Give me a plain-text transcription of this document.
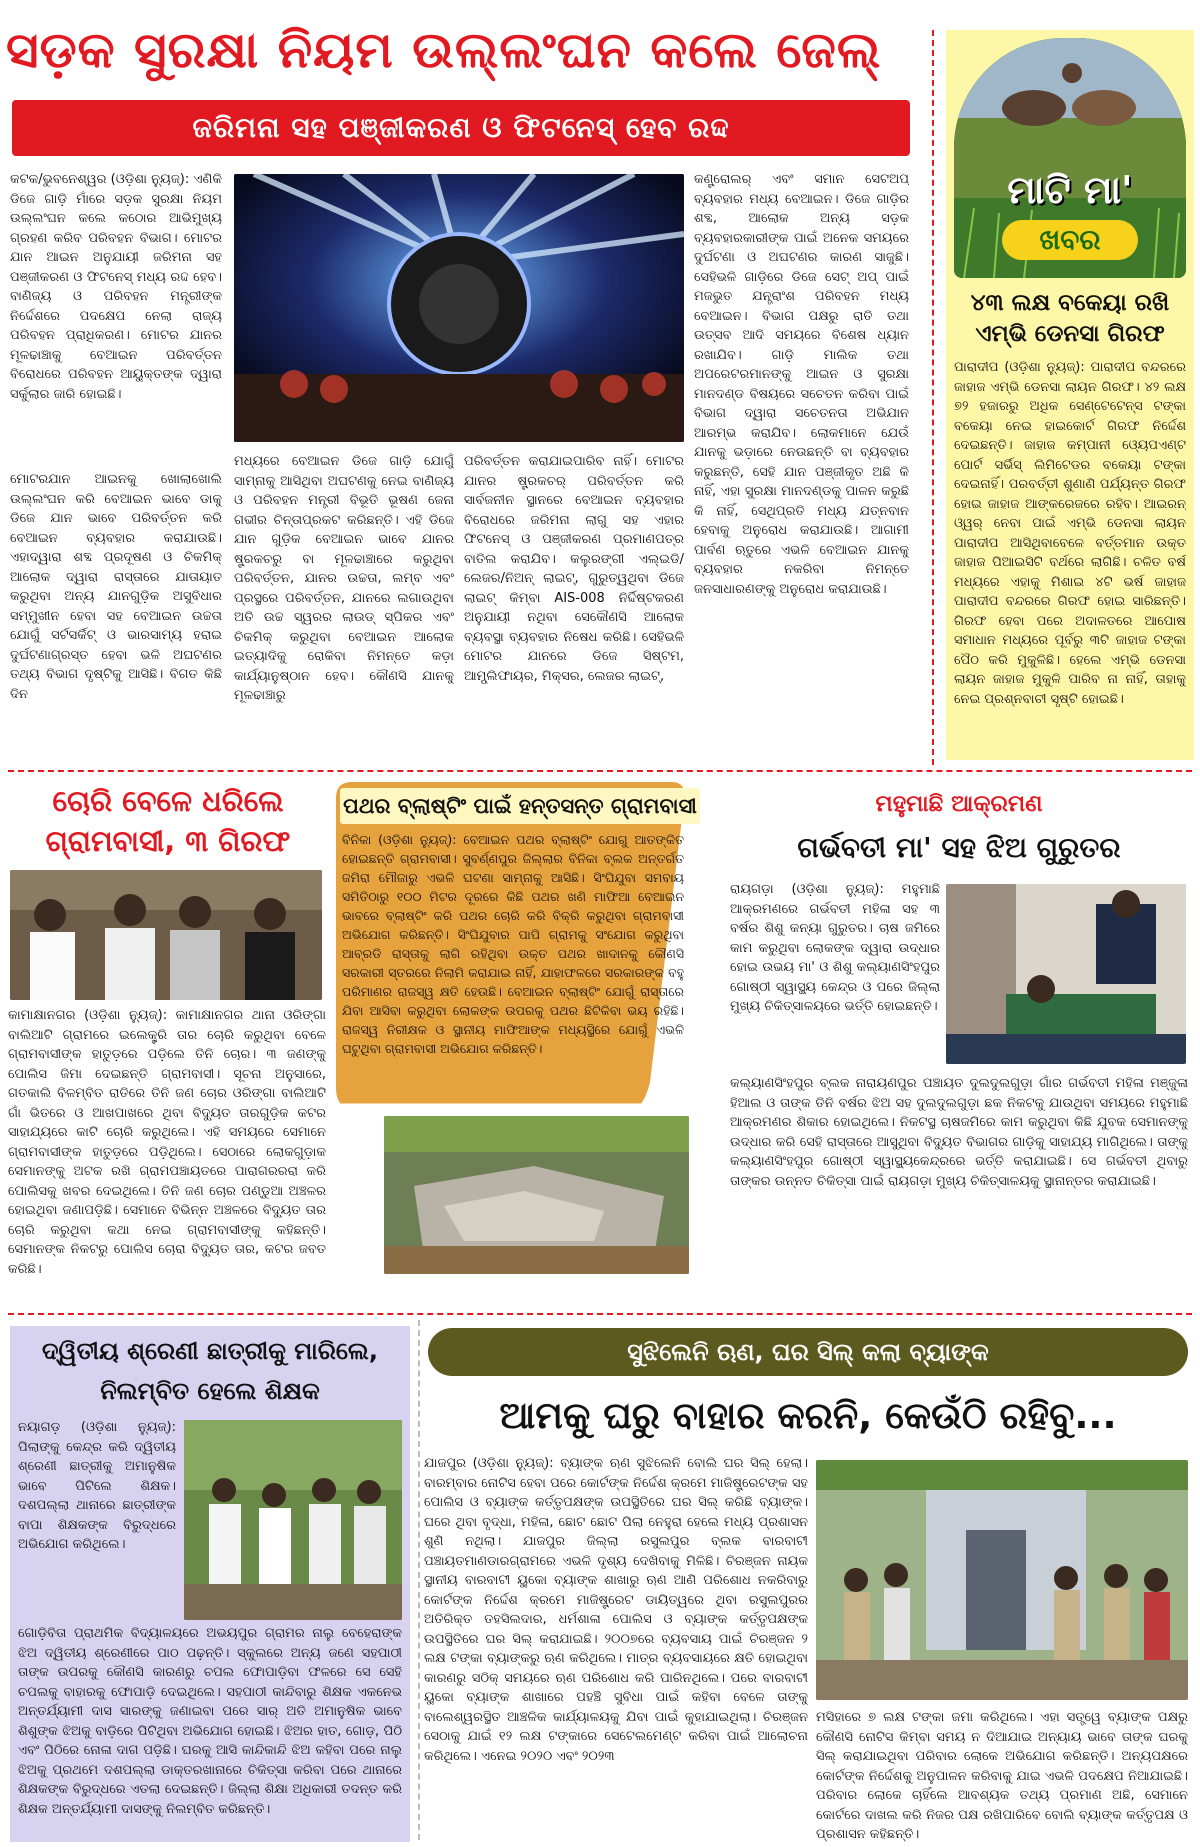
ସଡ଼କ ସୁରକ୍ଷା ନିୟମ ଉଲ୍ଲଂଘନ କଲେ ଜେଲ୍
ଜରିମନା ସହ ପଞ୍ଜୀକରଣ ଓ ଫିଟନେସ୍ ହେବ ରଦ୍ଦ

କଟକ/ଭୁବନେଶ୍ୱର (ଓଡ଼ିଶା ନ୍ୟୁଜ୍): ଏଣିକି ଡିଜେ ଗାଡ଼ି ମାଁରେ ସଡ଼କ ସୁରକ୍ଷା ନିୟମ ଉଲ୍ଲଂଘନ କଲେ କଠୋର ଆଭିମୁଖ୍ୟ ଗ୍ରହଣ କରିବ ପରିବହନ ବିଭାଗ। ମୋଟର ଯାନ ଆଇନ ଅନୁଯାୟୀ ଜରିମନା ସହ ପଞ୍ଜୀକରଣ ଓ ଫିଟନେସ୍ ମଧ୍ୟ ରଦ୍ଦ ହେବ। ବାଣିଜ୍ୟ ଓ ପରିବହନ ମନ୍ତ୍ରୀଙ୍କ ନିର୍ଦ୍ଦେଶରେ ପଦକ୍ଷେପ ନେଲା ରାଜ୍ୟ ପରିବହନ ପ୍ରାଧିକରଣ। ମୋଟର ଯାନର ମୂଳଢାଞ୍ଚାକୁ ବେଆଇନ ପରିବର୍ତ୍ତନ ବିରୋଧରେ ପରିବହନ ଆୟୁକ୍ତଙ୍କ ଦ୍ୱାରା ସର୍କୁଲାର ଜାରି ହୋଇଛି।

ମୋଟରଯାନ ଆଇନକୁ ଖୋଲାଖୋଲି ଉଲ୍ଲଂଘନ କରି ବେଆଇନ ଭାବେ ଡାକୁ ଡିଜେ ଯାନ ଭାବେ ପରିବର୍ତ୍ତନ କରି ବେଆଇନ ବ୍ୟବହାର କରାଯାଉଛି। ଏହାଦ୍ୱାରା ଶବ୍ଦ ପ୍ରଦୂଷଣ ଓ ଚିକମିକ୍ ଆଲୋକ ଦ୍ୱାରା ରାସ୍ତାରେ ଯାତାୟାତ କରୁଥିବା ଅନ୍ୟ ଯାନଗୁଡ଼ିକ ଅସୁବିଧାର ସମ୍ମୁଖୀନ ହେବା ସହ ବେଆଇନ ଉଚ୍ଚତା ଯୋଗୁଁ ସର୍ଟସର୍କିଟ୍ ଓ ଭାରସାମ୍ୟ ହରାଇ ଦୁର୍ଘଟଣାଗ୍ରସ୍ତ ହେବା ଭଳି ଅଘଟଣର ତଥ୍ୟ ବିଭାଗ ଦୃଷ୍ଟିକୁ ଆସିଛି। ବିଗତ କିଛି ଦିନ

ମଧ୍ୟରେ ବେଆଇନ ଡିଜେ ଗାଡ଼ି ଯୋଗୁଁ ସାମ୍ନାକୁ ଆସିଥିବା ଅଘଟଣକୁ ନେଇ ବାଣିଜ୍ୟ ଓ ପରିବହନ ମନ୍ତ୍ରୀ ବିଭୂତି ଭୂଷଣ ଜେନା ଗଭୀର ଚିନ୍ତାପ୍ରକଟ କରିଛନ୍ତି। ଏହି ଡିଜେ ଯାନ ଗୁଡ଼ିକ ବେଆଇନ ଭାବେ ଯାନର ଷ୍ଟ୍ରକଚରୁ ବା ମୂଳଢାଞ୍ଚାରେ କରୁଥିବା ପରିବର୍ତ୍ତନ, ଯାନର ଉଚ୍ଚତା, ଲମ୍ବ ଏବଂ ପ୍ରସ୍ଥରେ ପରିବର୍ତ୍ତନ, ଯାନରେ ଲଗାଉଥିବା ଅତି ଉଚ୍ଚ ସ୍ୱରର ଲାଉଡ୍ ସ୍ପିକର ଏବଂ ଚିକମିକ୍ କରୁଥିବା ବେଆଇନ ଆଲୋକ ଇତ୍ୟାଦିକୁ ରୋକିବା ନିମନ୍ତେ କଡ଼ା କାର୍ଯ୍ୟାନୁଷ୍ଠାନ ହେବ। କୌଣସି ଯାନକୁ ମୂଳଢାଞ୍ଚାରୁ

ପରିବର୍ତ୍ତନ କରାଯାଇପାରିବ ନାହିଁ। ମୋଟର ଯାନର ଷ୍ଟ୍ରକଚର୍ ପରିବର୍ତ୍ତନ କରି ସାର୍ବଜନୀନ ସ୍ଥାନରେ ବେଆଇନ ବ୍ୟବହାର ବିରୋଧରେ ଜରିମନା ଲାଗୁ ସହ ଏହାର ଫିଟନେସ୍ ଓ ପଞ୍ଜୀକରଣ ପ୍ରମାଣପତ୍ର ବାତିଲ କରାଯିବ। କଲୁରଙ୍ଗୀ ଏଲ୍ଇଡି/ଲେଜର/ନିଅନ୍ ଲାଇଟ୍, ଗୁରୁତ୍ୱଥିବା ଡିଜେ ଲାଇଟ୍ କିମ୍ବା AIS-008 ନିର୍ଦ୍ଦିଷ୍ଟକରଣ ଅନୁଯାୟୀ ନଥିବା ସେକୌଣସି ଆଲୋକ ବ୍ୟବସ୍ଥା ବ୍ୟବହାର ନିଷେଧ କରିଛି। ସେହିଭଳି ମୋଟର ଯାନରେ ଡିଜେ ସିଷ୍ଟମ, ଆମ୍ପ୍ଲିଫାୟର, ମିକ୍ସର, ଲେଜର ଲାଇଟ୍,

କଣ୍ଟ୍ରୋଲର୍ ଏବଂ ସମାନ ସେଟଅପ୍ ବ୍ୟବହାର ମଧ୍ୟ ବେଆଇନ। ଡିଜେ ଗାଡ଼ିର ଶବ୍ଦ, ଆଲୋକ ଅନ୍ୟ ସଡ଼କ ବ୍ୟବହାରକାରୀଙ୍କ ପାଇଁ ଅନେକ ସମୟରେ ଦୁର୍ଘଟଣା ଓ ଅଘଟଣର କାରଣ ସାଜୁଛି। ସେହିଭଳି ଗାଡ଼ିରେ ଡିଜେ ସେଟ୍ ଅପ୍ ପାଇଁ ମଜଭୁତ ଯନ୍ତ୍ରାଂଶ ପରିବହନ ମଧ୍ୟ ବେଆଇନ। ବିଭାଗ ପକ୍ଷରୁ ରାତି ତଥା ଉତ୍ସବ ଆଦି ସମୟରେ ବିଶେଷ ଧ୍ୟାନ ରଖାଯିବ। ଗାଡ଼ି ମାଲିକ ତଥା ଅପରେଟରମାନଙ୍କୁ ଆଇନ ଓ ସୁରକ୍ଷା ମାନଦଣ୍ଡ ବିଷୟରେ ସଚେତନ କରିବା ପାଇଁ ବିଭାଗ ଦ୍ୱାରା ସଚେତନତା ଅଭିଯାନ ଆରମ୍ଭ କରାଯିବ। ଲୋକମାନେ ଯେଉଁ ଯାନକୁ ଭଡ଼ାରେ ନେଉଛନ୍ତି ବା ବ୍ୟବହାର କରୁଛନ୍ତି, ସେହି ଯାନ ପଞ୍ଜୀକୃତ ଅଛି କି ନାହିଁ, ଏହା ସୁରକ୍ଷା ମାନଦଣ୍ଡକୁ ପାଳନ କରୁଛି କି ନାହିଁ, ସେଥିପ୍ରତି ମଧ୍ୟ ଯତ୍ନବାନ ହେବାକୁ ଅନୁରୋଧ କରାଯାଉଛି। ଆଗାମୀ ପାର୍ବଣ ଋତୁରେ ଏଭଳି ବେଆଇନ ଯାନକୁ ବ୍ୟବହାର ନକରିବା ନିମନ୍ତେ ଜନସାଧାରଣଙ୍କୁ ଅନୁରୋଧ କରାଯାଉଛି।

ମାଟି ମା'
ଖବର
୪୩ ଲକ୍ଷ ବକେୟା ରଖି ଏମ୍ଭି ଡେନସା ଗିରଫ
ପାରାଦୀପ (ଓଡ଼ିଶା ନ୍ୟୁଜ୍): ପାରାଦୀପ ବନ୍ଦରରେ ଜାହାଜ ଏମ୍ଭି ଡେନସା ଲାୟନ ଗିରଫ। ୪୨ ଲକ୍ଷ ୭୨ ହଜାରରୁ ଅଧିକ ସେଣ୍ଟେଟେନ୍ସ ଟଙ୍କା ବକେୟା ନେଇ ହାଇକୋର୍ଟ ଗିରଫ ନିର୍ଦ୍ଦେଶ ଦେଇଛନ୍ତି। ଜାହାଜ କମ୍ପାନୀ ଓ୍ୟେପଏଣ୍ଟ ପୋର୍ଟ ସର୍ଭିସ୍ ଲିମିଟେଡର ବକେୟା ଟଙ୍କା ଦେଇନାହିଁ। ପରବର୍ତ୍ତୀ ଶୁଣାଣି ପର୍ଯ୍ୟନ୍ତ ଗିରଫ ହୋଇ ଜାହାଜ ଆଙ୍କରେଜରେ ରହିବ। ଆଇରନ୍ ଓ୍ୱର୍ ନେବା ପାଇଁ ଏମ୍ଭି ଡେନସା ଲାୟନ ପାରାଦୀପ ଆସିଥିବାବେଳେ ବର୍ତ୍ତମାନ ଉକ୍ତ ଜାହାଜ ପିଆଇସିଟି ବର୍ଥରେ ଲାଗିଛି। ଚଳିତ ବର୍ଷ ମଧ୍ୟରେ ଏହାକୁ ମିଶାଇ ୪ଟି ଭର୍ଷ ଜାହାଜ ପାରାଦୀପ ବନ୍ଦରରେ ଗିରଫ ହୋଇ ସାରିଛନ୍ତି। ଗିରଫ ହେବା ପରେ ଅଦାଳତରେ ଆପୋଷ ସମାଧାନ ମଧ୍ୟରେ ପୂର୍ବରୁ ୩ଟି ଜାହାଜ ଟଙ୍କା ପୈଠ କରି ମୁକୁଳିଛି। ହେଲେ ଏମ୍ଭି ଡେନସା ଲାୟନ ଜାହାଜ ମୁକୁଳି ପାରିବ ନା ନାହିଁ, ତାହାକୁ ନେଇ ପ୍ରଶ୍ନବାଚୀ ସୃଷ୍ଟି ହୋଇଛି।
ଚୋରି ବେଳେ ଧରିଲେ
ଗ୍ରାମବାସୀ, ୩ ଗିରଫ
କାମାକ୍ଷାନଗର (ଓଡ଼ିଶା ନ୍ୟୁଜ୍): କାମାକ୍ଷାନଗର ଥାନା ଓରିଙ୍ଗା ବାଲିଆଟି ଗ୍ରାମରେ ଇଲେକ୍ଟ୍ରି ତାର ଚୋରି କରୁଥିବା ବେଳେ ଗ୍ରାମବାସୀଙ୍କ ହାତୁଡ଼ରେ ପଡ଼ିଲେ ତିନି ଚୋର। ୩ ଜଣଙ୍କୁ ପୋଲିସ ଜିମା ଦେଇଛନ୍ତି ଗ୍ରାମବାସୀ। ସୂଚନା ଅନୁସାରେ, ଗତକାଲି ବିଳମ୍ବିତ ରାତିରେ ତିନି ଜଣ ଚୋର ଓରିଙ୍ଗା ବାଲିଆଟି ଗାଁ ଭିତରେ ଓ ଆଖପାଖରେ ଥିବା ବିଦ୍ୟୁତ ତାରଗୁଡ଼ିକ କଟର ସାହାଯ୍ୟରେ କାଟି ଚୋରି କରୁଥିଲେ। ଏହି ସମୟରେ ସେମାନେ ଗ୍ରାମବାସୀଙ୍କ ହାତୁଡ଼ରେ ପଡ଼ିଥିଲେ। ସେଠାରେ ଲୋକଗୁଡ଼ାକ ସେମାନଙ୍କୁ ଅଟକ ରଖି ଗ୍ରାମପଞ୍ଚାୟତରେ ପାରାଗରରରା କରି ପୋଲିସକୁ ଖବର ଦେଇଥିଲେ। ତିନି ଜଣ ଚୋର ପଣ୍ଡୁଆ ଅଞ୍ଚଳର ହୋଇଥିବା ଜଣାପଡ଼ିଛି। ସେମାନେ ବିଭିନ୍ନ ଅଞ୍ଚଳରେ ବିଦ୍ୟୁତ ତାର ଚୋରି କରୁଥିବା କଥା ନେଇ ଗ୍ରାମବାସୀଙ୍କୁ କହିଛନ୍ତି। ସେମାନଙ୍କ ନିକଟରୁ ପୋଲିସ ଚୋରା ବିଦ୍ୟୁତ ତାର, କଟର ଜବତ କରିଛି।
ପଥର ବ୍ଲାଷ୍ଟିଂ ପାଇଁ ହନ୍ତସନ୍ତ ଗ୍ରାମବାସୀ
ବିନିକା (ଓଡ଼ିଶା ନ୍ୟୁଜ୍): ବେଆଇନ ପଥର ବ୍ଲାଷ୍ଟିଂ ଯୋଗୁ ଆତଙ୍କିତ ହୋଇଛନ୍ତି ଗ୍ରାମବାସୀ। ସୁବର୍ଣ୍ଣପୁର ଜିଲ୍ଲାର ବିନିକା ବ୍ଲକ ଅନ୍ତର୍ଗତ ଜମିରା ମୌଜାରୁ ଏଭଳି ଘଟଣା ସାମ୍ନାକୁ ଆସିଛି। ସିଂଘିଯୁବା ସମବାୟ ସମିତିଠାରୁ ୧୦୦ ମିଟର ଦୂରରେ କିଛି ପଥର ଖଣି ମାଫିଆ ବେଆଇନ ଭାବରେ ବ୍ଲାଷ୍ଟିଂ କରି ପଥର ଚୋରି କରି ବିକ୍ରି କରୁଥିବା ଗ୍ରାମବାସୀ ଅଭିଯୋଗ କରିଛନ୍ତି। ସିଂଘିଯୁବାର ପାପି ଗ୍ରାମକୁ ସଂଯୋଗ କରୁଥିବା ଆବ୍ରଡି ରାସ୍ତାକୁ ଲାଗି ରହିଥିବା ଉକ୍ତ ପଥର ଖାଦାନକୁ କୌଣସି ସରକାରୀ ସ୍ତରରେ ନିଲାମି କରାଯାଇ ନାହିଁ, ଯାହାଫଳରେ ସରକାରଙ୍କ ବହୁ ପରିମାଣର ରାଜସ୍ୱ କ୍ଷତି ହେଉଛି। ବେଆଇନ ବ୍ଲାଷ୍ଟିଂ ଯୋଗୁଁ ରାସ୍ତାରେ ଯିବା ଆସିବା କରୁଥିବା ଲୋକଙ୍କ ଉପରକୁ ପଥର ଛିଟିକିବା ଭୟ ରହିଛି। ରାଜସ୍ୱ ନିରୀକ୍ଷକ ଓ ସ୍ଥାନୀୟ ମାଫିଆଙ୍କ ମଧ୍ୟସ୍ଥିରେ ଯୋଗୁଁ ଏଭଳି ଘଟୁଥିବା ଗ୍ରାମବାସୀ ଅଭିଯୋଗ କରିଛନ୍ତି।
ମହୁମାଛି ଆକ୍ରମଣ
ଗର୍ଭବତୀ ମା' ସହ ଝିଅ ଗୁରୁତର
ରାୟଗଡ଼ା (ଓଡ଼ିଶା ନ୍ୟୁଜ୍): ମହୁମାଛି ଆକ୍ରମଣରେ ଗର୍ଭବତୀ ମହିଳା ସହ ୩ ବର୍ଷର ଶିଶୁ କନ୍ୟା ଗୁରୁତର। ଚାଷ ଜମିରେ କାମ କରୁଥିବା ଲୋକଙ୍କ ଦ୍ୱାରା ଉଦ୍ଧାର ହୋଇ ଉଭୟ ମା' ଓ ଶିଶୁ କଲ୍ୟାଣସିଂହପୁର ଗୋଷ୍ଠୀ ସ୍ୱାସ୍ଥ୍ୟ କେନ୍ଦ୍ର ଓ ପରେ ଜିଲ୍ଲା ମୁଖ୍ୟ ଚିକିତ୍ସାଳୟରେ ଭର୍ତ୍ତି ହୋଇଛନ୍ତି।
କଲ୍ୟାଣସିଂହପୁର ବ୍ଲକ ନାରାୟଣପୁର ପଞ୍ଚାୟତ ଦୁଲଦୁଲଗୁଡ଼ା ଗାଁର ଗର୍ଭବତୀ ମହିଳା ମଞ୍ଜୁଳା ହିଆଲ ଓ ତାଙ୍କ ତିନି ବର୍ଷର ଝିଅ ସହ ଦୁଲଦୁଲଗୁଡ଼ା ଛକ ନିକଟକୁ ଯାଉଥିବା ସମୟରେ ମହୁମାଛି ଆକ୍ରମଣର ଶିକାର ହୋଇଥିଲେ। ନିକଟସ୍ଥ ଚାଷଜମିରେ କାମ କରୁଥିବା କିଛି ଯୁବକ ସେମାନଙ୍କୁ ଉଦ୍ଧାର କରି ସେହି ରାସ୍ତାରେ ଆସୁଥିବା ବିଦ୍ୟୁତ ବିଭାଗର ଗାଡ଼ିକୁ ସାହାଯ୍ୟ ମାଗିଥିଲେ। ତାଙ୍କୁ କଲ୍ୟାଣସିଂହପୁର ଗୋଷ୍ଠୀ ସ୍ୱାସ୍ଥ୍ୟକେନ୍ଦ୍ରରେ ଭର୍ତ୍ତି କରାଯାଇଛି। ସେ ଗର୍ଭବତୀ ଥିବାରୁ ତାଙ୍କର ଉନ୍ନତ ଚିକିତ୍ସା ପାଇଁ ରାୟଗଡ଼ା ମୁଖ୍ୟ ଚିକିତ୍ସାଳୟକୁ ସ୍ଥାନାନ୍ତର କରାଯାଇଛି।
ଦ୍ୱିତୀୟ ଶ୍ରେଣୀ ଛାତ୍ରୀକୁ ମାରିଲେ,
ନିଲମ୍ବିତ ହେଲେ ଶିକ୍ଷକ
ନୟାଗଡ଼ (ଓଡ଼ିଶା ନ୍ୟୁଜ୍): ପିଲାଙ୍କୁ କେନ୍ଦ୍ର କରି ଦ୍ୱିତୀୟ ଶ୍ରେଣୀ ଛାତ୍ରୀକୁ ଅମାନୁଷିକ ଭାବେ ପିଟିଲେ ଶିକ୍ଷକ। ଦଶପଲ୍ଲା ଥାନାରେ ଛାତ୍ରୀଙ୍କ ବାପା ଶିକ୍ଷକଙ୍କ ବିରୁଦ୍ଧରେ ଅଭିଯୋଗ କରିଥିଲେ।
ଗୋଡ଼ିବିତା ପ୍ରାଥମିକ ବିଦ୍ୟାଳୟରେ ଅଭୟପୁର ଗ୍ରାମର ନାଲୁ ବେହେରାଙ୍କ ଝିଅ ଦ୍ୱିତୀୟ ଶ୍ରେଣୀରେ ପାଠ ପଢ଼ନ୍ତି। ସ୍କୁଲରେ ଅନ୍ୟ ଜଣେ ସହପାଠୀ ତାଙ୍କ ଉପରକୁ କୌଣସି କାରଣରୁ ଚପଲ ଫୋପାଡ଼ିବା ଫଳରେ ସେ ସେହି ଚପଲକୁ ବାହାରକୁ ଫୋପାଡ଼ି ଦେଇଥିଲେ। ସହପାଠୀ କାନ୍ଦିବାରୁ ଶିକ୍ଷକ ଏକନେଭ ଅନ୍ତର୍ଯ୍ୟାମୀ ଦାସ ସାରଙ୍କୁ ଜଣାଇବା ପରେ ସାର୍ ଅତି ଅମାନୁଷିକ ଭାବେ ଶିଶୁଙ୍କ ଝିଅକୁ ବାଡ଼ିରେ ପିଟିଥିବା ଅଭିଯୋଗ ହୋଇଛି। ଝିଅର ହାତ, ଗୋଡ଼, ପିଠି ଏବଂ ପିଠିରେ ନୋଳା ଦାଗ ପଡ଼ିଛି। ଘରକୁ ଆସି କାନ୍ଦିକାନ୍ଦି ଝିଅ କହିବା ପରେ ନାଲୁ ଝିଅକୁ ପ୍ରଥମେ ଦଶପଲ୍ଲା ଡାକ୍ତରଖାନାରେ ଚିକିତ୍ସା କରିବା ପରେ ଥାନାରେ ଶିକ୍ଷକଙ୍କ ବିରୁଦ୍ଧରେ ଏତଲା ଦେଇଛନ୍ତି। ଜିଲ୍ଲା ଶିକ୍ଷା ଅଧିକାରୀ ତଦନ୍ତ କରି ଶିକ୍ଷକ ଅନ୍ତର୍ଯ୍ୟାମୀ ଦାସଙ୍କୁ ନିଲମ୍ବିତ କରିଛନ୍ତି।
ସୁଝିଲେନି ଋଣ, ଘର ସିଲ୍ କଲା ବ୍ୟାଙ୍କ
ଆମକୁ ଘରୁ ବାହାର କରନି, କେଉଁଠି ରହିବୁ...
ଯାଜପୁର (ଓଡ଼ିଶା ନ୍ୟୁଜ୍): ବ୍ୟାଙ୍କ ଋଣ ସୁଝିଲେନି ବୋଲି ଘର ସିଲ୍ ହେଲା। ବାରମ୍ବାର ନୋଟିସ ହେବା ପରେ କୋର୍ଟଙ୍କ ନିର୍ଦ୍ଦେଶ କ୍ରମେ ମାଜିଷ୍ଟ୍ରେଟଙ୍କ ସହ ପୋଲିସ ଓ ବ୍ୟାଙ୍କ କର୍ତ୍ତୃପକ୍ଷଙ୍କ ଉପସ୍ଥିତିରେ ଘର ସିଲ୍ କରିଛି ବ୍ୟାଙ୍କ। ଘରେ ଥିବା ବୃଦ୍ଧା, ମହିଳା, ଛୋଟ ଛୋଟ ପିଲା ନେହୁରା ହେଲେ ମଧ୍ୟ ପ୍ରଶାସନ ଶୁଣି ନଥିଲା। ଯାଜପୁର ଜିଲ୍ଲା ରସୁଲପୁର ବ୍ଲକ ବାରବାଟୀ ପଞ୍ଚାୟତମାଣଡାରଗ୍ରାମରେ ଏଭଳି ଦୃଶ୍ୟ ଦେଖିବାକୁ ମିଳିଛି। ଚିରଞ୍ଜନ ନାୟକ ସ୍ଥାନୀୟ ବାରବାଟୀ ୟୁକୋ ବ୍ୟାଙ୍କ ଶାଖାରୁ ଋଣ ଆଣି ପରିଶୋଧ ନକରିବାରୁ କୋର୍ଟଙ୍କ ନିର୍ଦ୍ଦେଶ କ୍ରମେ ମାଜିଷ୍ଟ୍ରେଟ ଡାୟିତ୍ୱରେ ଥିବା ରସୁଲପୁରର ଅତିରିକ୍ତ ତହସିଲଦାର, ଧର୍ମଶାଳା ପୋଲିସ ଓ ବ୍ୟାଙ୍କ କର୍ତ୍ତୃପକ୍ଷଙ୍କ ଉପସ୍ଥିତିରେ ଘର ସିଲ୍ କରାଯାଇଛି। ୨୦୦୭ରେ ବ୍ୟବସାୟ ପାଇଁ ଚିରଞ୍ଜନ ୨ ଲକ୍ଷ ଟଙ୍କା ବ୍ୟାଙ୍କରୁ ଋଣ କରିଥିଲେ। ମାତ୍ର ବ୍ୟବସାୟରେ କ୍ଷତି ହୋଇଥିବା କାରଣରୁ ସଠିକ୍ ସମୟରେ ଋଣ ପରିଶୋଧ କରି ପାରିନଥିଲେ। ପରେ ବାରବାଟୀ ୟୁକୋ ବ୍ୟାଙ୍କ ଶାଖାରେ ପହଞ୍ଚି ସୁବିଧା ପାଇଁ କହିବା ବେଳେ ତାଙ୍କୁ ବାଲେଶ୍ୱରସ୍ଥିତ ଆଞ୍ଚଳିକ କାର୍ଯ୍ୟାଳୟକୁ ଯିବା ପାଇଁ କୁହାଯାଇଥିଲା। ଚିରଞ୍ଜନ ସେଠାକୁ ଯାଇଁ ୧୨ ଲକ୍ଷ ଟଙ୍କାରେ ସେଟେଲମେଣ୍ଟ କରିବା ପାଇଁ ଆଲୋଚନା କରିଥିଲେ। ଏନେଇ ୨୦୨୦ ଏବଂ ୨୦୨୩
ମସିହାରେ ୭ ଲକ୍ଷ ଟଙ୍କା ଜମା କରିଥିଲେ। ଏହା ସତ୍ତ୍ୱେ ବ୍ୟାଙ୍କ ପକ୍ଷରୁ କୌଣସି ନୋଟିସ କିମ୍ବା ସମୟ ନ ଦିଆଯାଇ ଅନ୍ୟାୟ ଭାବେ ତାଙ୍କ ଘରକୁ ସିଲ୍ କରାଯାଇଥିବା ପରିବାର ଲୋକେ ଅଭିଯୋଗ କରିଛନ୍ତି। ଅନ୍ୟପକ୍ଷରେ କୋର୍ଟଙ୍କ ନିର୍ଦ୍ଦେଶକୁ ଅନୁପାଳନ କରିବାକୁ ଯାଇ ଏଭଳି ପଦକ୍ଷେପ ନିଆଯାଇଛି। ପରିବାର ଲୋକେ ଚାହିଁଲେ ଆବଶ୍ୟକ ତଥ୍ୟ ପ୍ରମାଣ ଅଛି, ସେମାନେ କୋର୍ଟରେ ଦାଖଲ କରି ନିଜର ପକ୍ଷ ରଖିପାରିବେ ବୋଲି ବ୍ୟାଙ୍କ କର୍ତ୍ତୃପକ୍ଷ ଓ ପ୍ରଶାସନ କହିଛନ୍ତି।
